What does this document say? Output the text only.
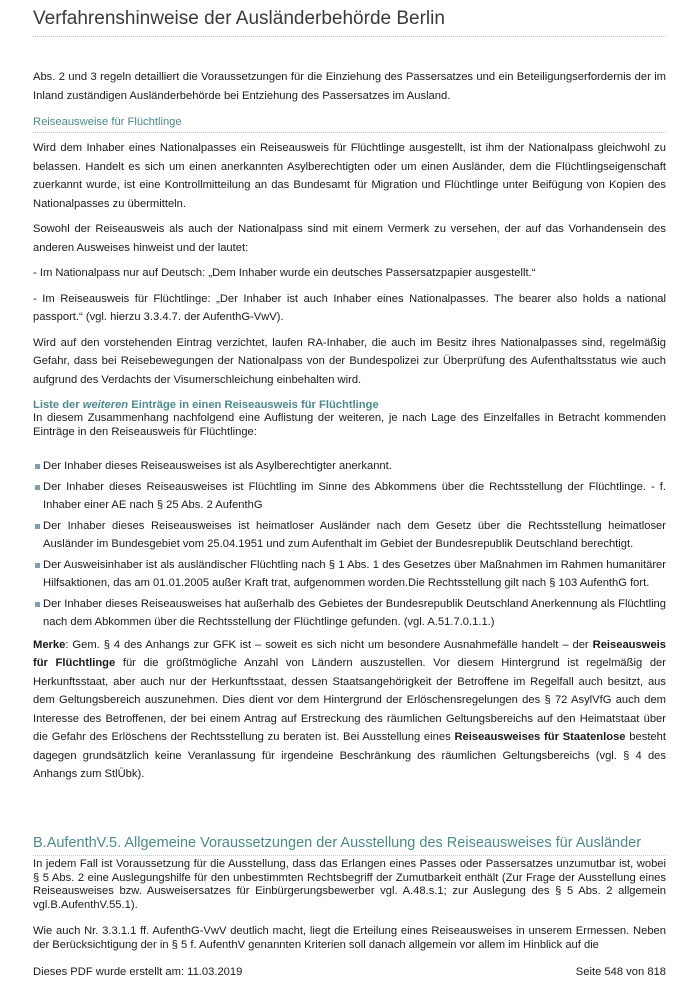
Verfahrenshinweise der Ausländerbehörde Berlin

Abs. 2 und 3 regeln detailliert die Voraussetzungen für die Einziehung des Passersatzes und ein Beteiligungserfordernis der im Inland zuständigen Ausländerbehörde bei Entziehung des Passersatzes im Ausland.

Reiseausweise für Flüchtlinge

Wird dem Inhaber eines Nationalpasses ein Reiseausweis für Flüchtlinge ausgestellt, ist ihm der Nationalpass gleichwohl zu belassen. Handelt es sich um einen anerkannten Asylberechtigten oder um einen Ausländer, dem die Flüchtlingseigenschaft zuerkannt wurde, ist eine Kontrollmitteilung an das Bundesamt für Migration und Flüchtlinge unter Beifügung von Kopien des Nationalpasses zu übermitteln.

Sowohl der Reiseausweis als auch der Nationalpass sind mit einem Vermerk zu versehen, der auf das Vorhandensein des anderen Ausweises hinweist und der lautet:

- Im Nationalpass nur auf Deutsch: „Dem Inhaber wurde ein deutsches Passersatzpapier ausgestellt.“

- Im Reiseausweis für Flüchtlinge: „Der Inhaber ist auch Inhaber eines Nationalpasses. The bearer also holds a national passport.“ (vgl. hierzu 3.3.4.7. der AufenthG-VwV).

Wird auf den vorstehenden Eintrag verzichtet, laufen RA-Inhaber, die auch im Besitz ihres Nationalpasses sind, regelmäßig Gefahr, dass bei Reisebewegungen der Nationalpass von der Bundespolizei zur Überprüfung des Aufenthaltsstatus wie auch aufgrund des Verdachts der Visumerschleichung einbehalten wird.

Liste der weiteren Einträge in einen Reiseausweis für Flüchtlinge

In diesem Zusammenhang nachfolgend eine Auflistung der weiteren, je nach Lage des Einzelfalles in Betracht kommenden Einträge in den Reiseausweis für Flüchtlinge:

Der Inhaber dieses Reiseausweises ist als Asylberechtigter anerkannt.
Der Inhaber dieses Reiseausweises ist Flüchtling im Sinne des Abkommens über die Rechtsstellung der Flüchtlinge. - f. Inhaber einer AE nach § 25 Abs. 2 AufenthG
Der Inhaber dieses Reiseausweises ist heimatloser Ausländer nach dem Gesetz über die Rechtsstellung heimatloser Ausländer im Bundesgebiet vom 25.04.1951 und zum Aufenthalt im Gebiet der Bundesrepublik Deutschland berechtigt.
Der Ausweisinhaber ist als ausländischer Flüchtling nach § 1 Abs. 1 des Gesetzes über Maßnahmen im Rahmen humanitärer Hilfsaktionen, das am 01.01.2005 außer Kraft trat, aufgenommen worden.Die Rechtsstellung gilt nach § 103 AufenthG fort.
Der Inhaber dieses Reiseausweises hat außerhalb des Gebietes der Bundesrepublik Deutschland Anerkennung als Flüchtling nach dem Abkommen über die Rechtsstellung der Flüchtlinge gefunden. (vgl. A.51.7.0.1.1.)

Merke: Gem. § 4 des Anhangs zur GFK ist – soweit es sich nicht um besondere Ausnahmefälle handelt – der Reiseausweis für Flüchtlinge für die größtmögliche Anzahl von Ländern auszustellen. Vor diesem Hintergrund ist regelmäßig der Herkunftsstaat, aber auch nur der Herkunftsstaat, dessen Staatsangehörigkeit der Betroffene im Regelfall auch besitzt, aus dem Geltungsbereich auszunehmen. Dies dient vor dem Hintergrund der Erlöschensregelungen des § 72 AsylVfG auch dem Interesse des Betroffenen, der bei einem Antrag auf Erstreckung des räumlichen Geltungsbereichs auf den Heimatstaat über die Gefahr des Erlöschens der Rechtsstellung zu beraten ist. Bei Ausstellung eines Reiseausweises für Staatenlose besteht dagegen grundsätzlich keine Veranlassung für irgendeine Beschränkung des räumlichen Geltungsbereichs (vgl. § 4 des Anhangs zum StlÜbk).

B.AufenthV.5. Allgemeine Voraussetzungen der Ausstellung des Reiseausweises für Ausländer

In jedem Fall ist Voraussetzung für die Ausstellung, dass das Erlangen eines Passes oder Passersatzes unzumutbar ist, wobei § 5 Abs. 2 eine Auslegungshilfe für den unbestimmten Rechtsbegriff der Zumutbarkeit enthält (Zur Frage der Ausstellung eines Reiseausweises bzw. Ausweisersatzes für Einbürgerungsbewerber vgl. A.48.s.1; zur Auslegung des § 5 Abs. 2 allgemein vgl.B.AufenthV.55.1).

Wie auch Nr. 3.3.1.1 ff. AufenthG-VwV deutlich macht, liegt die Erteilung eines Reiseausweises in unserem Ermessen. Neben der Berücksichtigung der in § 5 f. AufenthV genannten Kriterien soll danach allgemein vor allem im Hinblick auf die

Dieses PDF wurde erstellt am: 11.03.2019	Seite 548 von 818
